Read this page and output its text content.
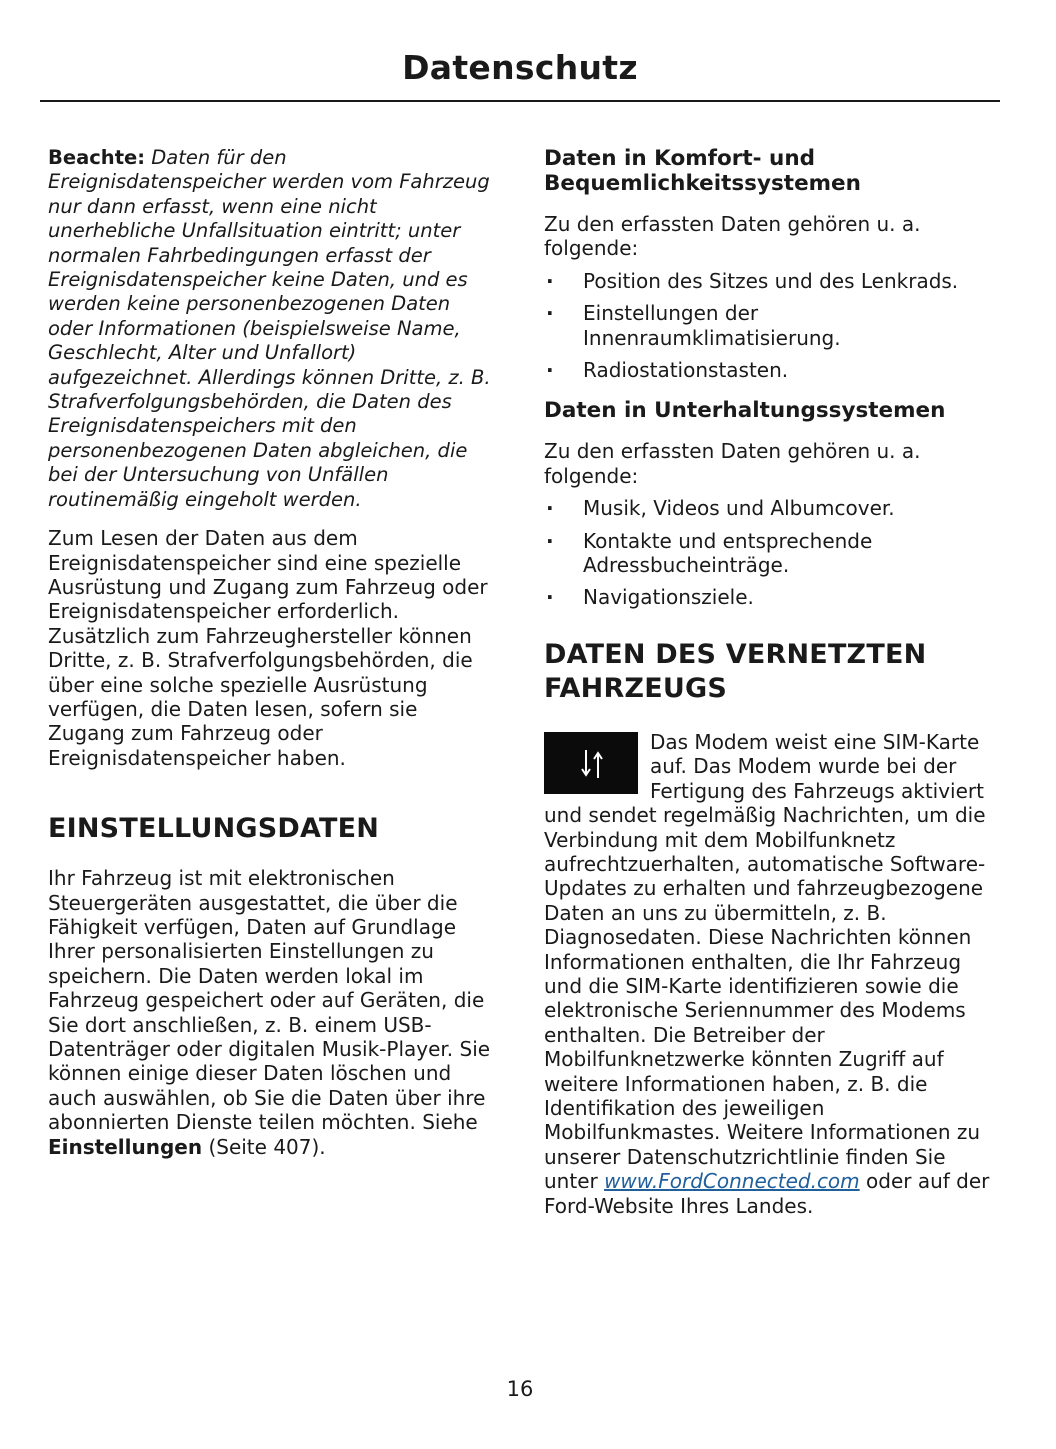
Datenschutz

Beachte: Daten für den Ereignisdatenspeicher werden vom Fahrzeug nur dann erfasst, wenn eine nicht unerhebliche Unfallsituation eintritt; unter normalen Fahrbedingungen erfasst der Ereignisdatenspeicher keine Daten, und es werden keine personenbezogenen Daten oder Informationen (beispielsweise Name, Geschlecht, Alter und Unfallort) aufgezeichnet. Allerdings können Dritte, z. B. Strafverfolgungsbehörden, die Daten des Ereignisdatenspeichers mit den personenbezogenen Daten abgleichen, die bei der Untersuchung von Unfällen routinemäßig eingeholt werden.

Zum Lesen der Daten aus dem Ereignisdatenspeicher sind eine spezielle Ausrüstung und Zugang zum Fahrzeug oder Ereignisdatenspeicher erforderlich. Zusätzlich zum Fahrzeughersteller können Dritte, z. B. Strafverfolgungsbehörden, die über eine solche spezielle Ausrüstung verfügen, die Daten lesen, sofern sie Zugang zum Fahrzeug oder Ereignisdatenspeicher haben.

EINSTELLUNGSDATEN

Ihr Fahrzeug ist mit elektronischen Steuergeräten ausgestattet, die über die Fähigkeit verfügen, Daten auf Grundlage Ihrer personalisierten Einstellungen zu speichern. Die Daten werden lokal im Fahrzeug gespeichert oder auf Geräten, die Sie dort anschließen, z. B. einem USB-Datenträger oder digitalen Musik-Player. Sie können einige dieser Daten löschen und auch auswählen, ob Sie die Daten über ihre abonnierten Dienste teilen möchten. Siehe Einstellungen (Seite 407).

Daten in Komfort- und Bequemlichkeitssystemen

Zu den erfassten Daten gehören u. a. folgende:

· Position des Sitzes und des Lenkrads.
· Einstellungen der Innenraumklimatisierung.
· Radiostationstasten.
Daten in Unterhaltungssystemen

Zu den erfassten Daten gehören u. a. folgende:

· Musik, Videos und Albumcover.
· Kontakte und entsprechende Adressbucheinträge.
· Navigationsziele.
DATEN DES VERNETZTEN FAHRZEUGS

Das Modem weist eine SIM-Karte auf. Das Modem wurde bei der Fertigung des Fahrzeugs aktiviert und sendet regelmäßig Nachrichten, um die Verbindung mit dem Mobilfunknetz aufrechtzuerhalten, automatische Software-Updates zu erhalten und fahrzeugbezogene Daten an uns zu übermitteln, z. B. Diagnosedaten. Diese Nachrichten können Informationen enthalten, die Ihr Fahrzeug und die SIM-Karte identifizieren sowie die elektronische Seriennummer des Modems enthalten. Die Betreiber der Mobilfunknetzwerke könnten Zugriff auf weitere Informationen haben, z. B. die Identifikation des jeweiligen Mobilfunkmastes. Weitere Informationen zu unserer Datenschutzrichtlinie finden Sie unter www.FordConnected.com oder auf der Ford-Website Ihres Landes.

16
